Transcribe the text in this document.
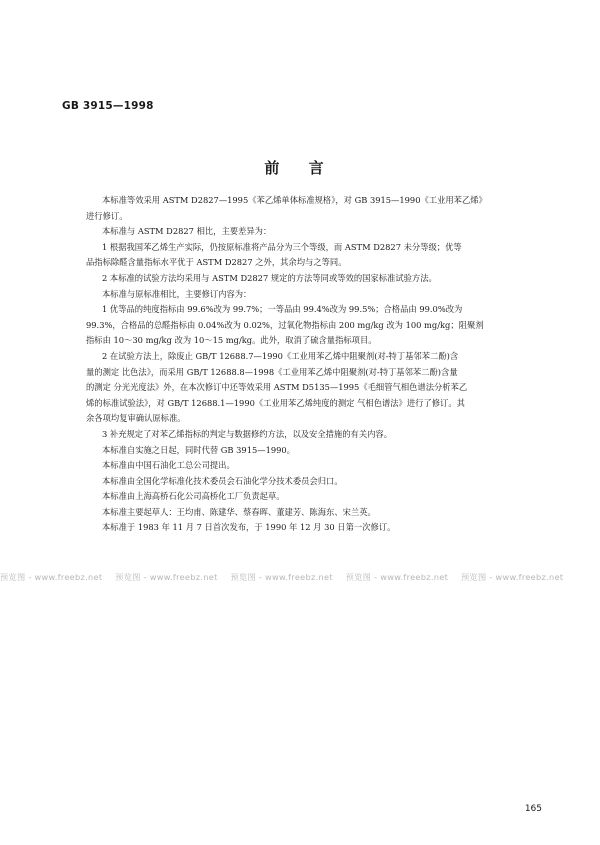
GB 3915—1998
前 言

本标准等效采用 ASTM D2827—1995《苯乙烯单体标准规格》，对 GB 3915—1990《工业用苯乙烯》

进行修订。

本标准与 ASTM D2827 相比，主要差异为：

1 根据我国苯乙烯生产实际，仍按原标准将产品分为三个等级，而 ASTM D2827 未分等级；优等

品指标除醛含量指标水平优于 ASTM D2827 之外，其余均与之等同。

2 本标准的试验方法均采用与 ASTM D2827 规定的方法等同或等效的国家标准试验方法。

本标准与原标准相比，主要修订内容为：

1 优等品的纯度指标由 99.6%改为 99.7%；一等品由 99.4%改为 99.5%；合格品由 99.0%改为

99.3%，合格品的总醛指标由 0.04%改为 0.02%，过氧化物指标由 200 mg/kg 改为 100 mg/kg；阻聚剂

指标由 10～30 mg/kg 改为 10～15 mg/kg。此外，取消了硫含量指标项目。

2 在试验方法上，除废止 GB/T 12688.7—1990《工业用苯乙烯中阻聚剂(对-特丁基邻苯二酚)含

量的测定 比色法》，而采用 GB/T 12688.8—1998《工业用苯乙烯中阻聚剂(对-特丁基邻苯二酚)含量

的测定 分光光度法》外，在本次修订中还等效采用 ASTM D5135—1995《毛细管气相色谱法分析苯乙

烯的标准试验法》，对 GB/T 12688.1—1990《工业用苯乙烯纯度的测定 气相色谱法》进行了修订。其

余各项均复审确认原标准。

3 补充规定了对苯乙烯指标的判定与数据修约方法，以及安全措施的有关内容。

本标准自实施之日起，同时代替 GB 3915—1990。

本标准由中国石油化工总公司提出。

本标准由全国化学标准化技术委员会石油化学分技术委员会归口。

本标准由上海高桥石化公司高桥化工厂负责起草。

本标准主要起草人：王均甫、陈建华、蔡春晖、董建芳、陈海东、宋兰英。

本标准于 1983 年 11 月 7 日首次发布，于 1990 年 12 月 30 日第一次修订。

预览图 - www.freebz.net 预览图 - www.freebz.net 预览图 - www.freebz.net 预览图 - www.freebz.net 预览图 - www.freebz.net
165
